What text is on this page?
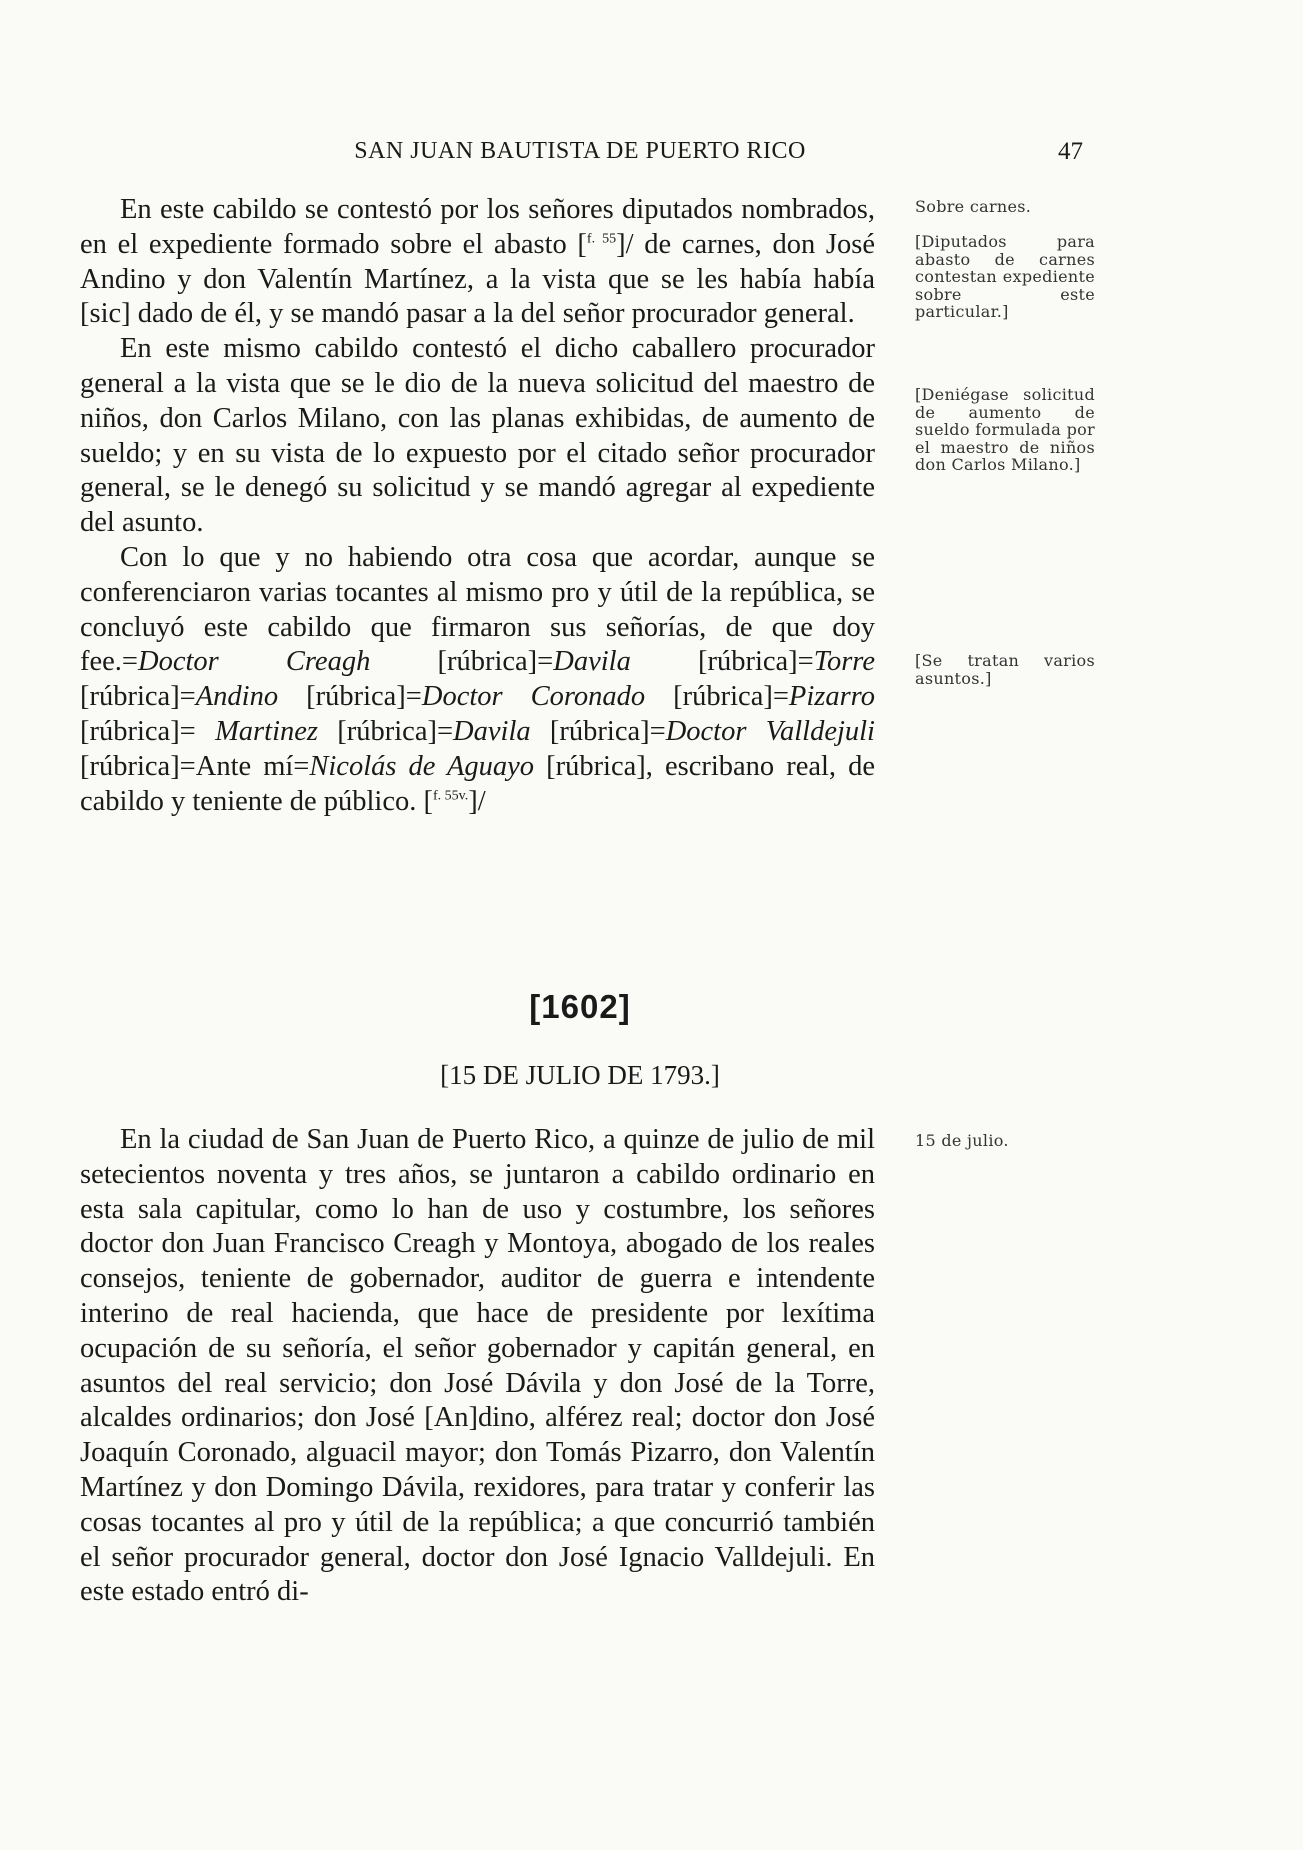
SAN JUAN BAUTISTA DE PUERTO RICO	47

En este cabildo se contestó por los señores diputados nombrados, en el expediente formado sobre el abasto [$^{f. 55}$]/ de carnes, don José Andino y don Valentín Martínez, a la vista que se les había había [sic] dado de él, y se mandó pasar a la del señor procurador general.

En este mismo cabildo contestó el dicho caballero procurador general a la vista que se le dio de la nueva solicitud del maestro de niños, don Carlos Milano, con las planas exhibidas, de aumento de sueldo; y en su vista de lo expuesto por el citado señor procurador general, se le denegó su solicitud y se mandó agregar al expediente del asunto.

Con lo que y no habiendo otra cosa que acordar, aunque se conferenciaron varias tocantes al mismo pro y útil de la república, se concluyó este cabildo que firmaron sus señorías, de que doy fee.=Doctor Creagh [rúbrica]=Davila [rúbrica]=Torre [rúbrica]=Andino [rúbrica]=Doctor Coronado [rúbrica]=Pizarro [rúbrica]= Martinez [rúbrica]=Davila [rúbrica]=Doctor Valldejuli [rúbrica]=Ante mí=Nicolás de Aguayo [rúbrica], escribano real, de cabildo y teniente de público. [$^{f. 55v.}$]/

Sobre carnes.
[Diputados para abasto de carnes contestan expediente sobre este particular.]
[Deniégase solicitud de aumento de sueldo formulada por el maestro de niños don Carlos Milano.]
[Se tratan varios asuntos.]
[1602]
[15 DE JULIO DE 1793.]

En la ciudad de San Juan de Puerto Rico, a quinze de julio de mil setecientos noventa y tres años, se juntaron a cabildo ordinario en esta sala capitular, como lo han de uso y costumbre, los señores doctor don Juan Francisco Creagh y Montoya, abogado de los reales consejos, teniente de gobernador, auditor de guerra e intendente interino de real hacienda, que hace de presidente por lexítima ocupación de su señoría, el señor gobernador y capitán general, en asuntos del real servicio; don José Dávila y don José de la Torre, alcaldes ordinarios; don José [An]dino, alférez real; doctor don José Joaquín Coronado, alguacil mayor; don Tomás Pizarro, don Valentín Martínez y don Domingo Dávila, rexidores, para tratar y conferir las cosas tocantes al pro y útil de la república; a que concurrió también el señor procurador general, doctor don José Ignacio Valldejuli. En este estado entró di-

15 de julio.
